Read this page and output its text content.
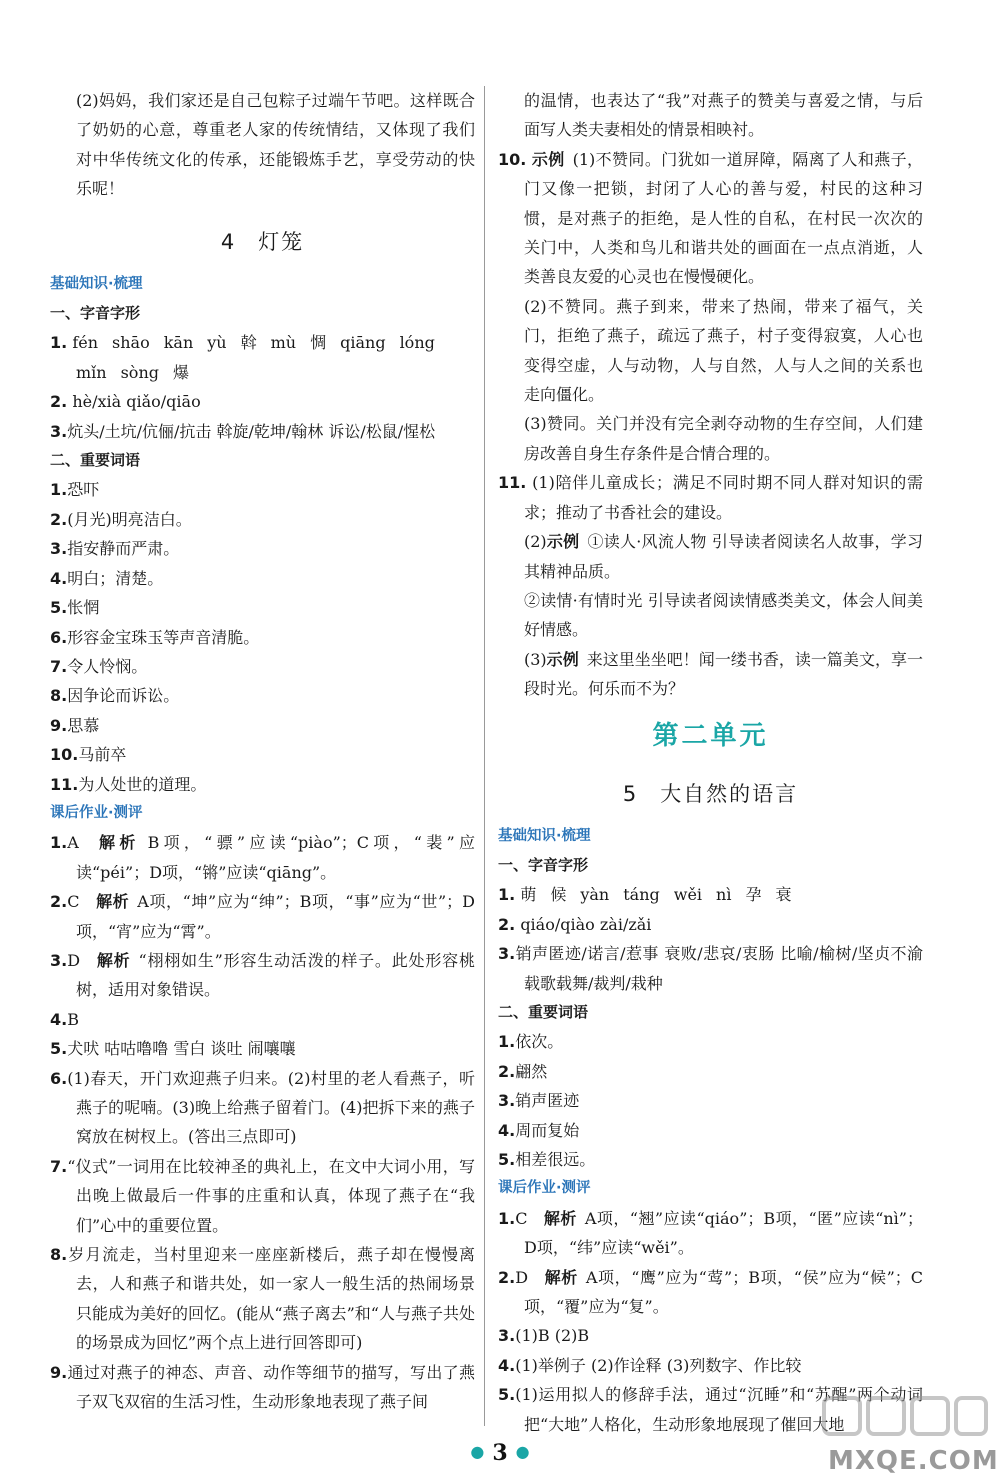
(2)妈妈，我们家还是自己包粽子过端午节吧。这样既合了奶奶的心意，尊重老人家的传统情结，又体现了我们对中华传统文化的传承，还能锻炼手艺，享受劳动的快乐呢！

4 灯笼

基础知识·梳理

一、字音字形

1. fén shāo kān yù 斡 mù 惆 qiāng lóng

mǐn sòng 爆

2. hè/xià qiǎo/qiāo

3.炕头/土坑/伉俪/抗击 斡旋/乾坤/翰林 诉讼/松鼠/惺松

二、重要词语

1.恐吓

2.(月光)明亮洁白。

3.指安静而严肃。

4.明白；清楚。

5.怅惘

6.形容金宝珠玉等声音清脆。

7.令人怜悯。

8.因争论而诉讼。

9.思慕

10.马前卒

11.为人处世的道理。

课后作业·测评

1.A 解析 B项，“骠”应读“piào”；C项，“裴”应读“péi”；D项，“锵”应读“qiāng”。

2.C 解析 A项，“坤”应为“绅”；B项，“事”应为“世”；D项，“宵”应为“霄”。

3.D 解析 “栩栩如生”形容生动活泼的样子。此处形容桃树，适用对象错误。

4.B

5.犬吠 咕咕噜噜 雪白 谈吐 闹嚷嚷

6.(1)春天，开门欢迎燕子归来。(2)村里的老人看燕子，听燕子的呢喃。(3)晚上给燕子留着门。(4)把拆下来的燕子窝放在树杈上。(答出三点即可)

7.“仪式”一词用在比较神圣的典礼上，在文中大词小用，写出晚上做最后一件事的庄重和认真，体现了燕子在“我们”心中的重要位置。

8.岁月流走，当村里迎来一座座新楼后，燕子却在慢慢离去，人和燕子和谐共处，如一家人一般生活的热闹场景只能成为美好的回忆。(能从“燕子离去”和“人与燕子共处的场景成为回忆”两个点上进行回答即可)

9.通过对燕子的神态、声音、动作等细节的描写，写出了燕子双飞双宿的生活习性，生动形象地表现了燕子间

的温情，也表达了“我”对燕子的赞美与喜爱之情，与后面写人类夫妻相处的情景相映衬。

10. 示例 (1)不赞同。门犹如一道屏障，隔离了人和燕子，门又像一把锁，封闭了人心的善与爱，村民的这种习惯，是对燕子的拒绝，是人性的自私，在村民一次次的关门中，人类和鸟儿和谐共处的画面在一点点消逝，人类善良友爱的心灵也在慢慢硬化。

(2)不赞同。燕子到来，带来了热闹，带来了福气，关门，拒绝了燕子，疏远了燕子，村子变得寂寞，人心也变得空虚，人与动物，人与自然，人与人之间的关系也走向僵化。

(3)赞同。关门并没有完全剥夺动物的生存空间，人们建房改善自身生存条件是合情合理的。

11. (1)陪伴儿童成长；满足不同时期不同人群对知识的需求；推动了书香社会的建设。

(2)示例 ①读人·风流人物 引导读者阅读名人故事，学习其精神品质。

②读情·有情时光 引导读者阅读情感类美文，体会人间美好情感。

(3)示例 来这里坐坐吧！闻一缕书香，读一篇美文，享一段时光。何乐而不为？

第二单元

5 大自然的语言

基础知识·梳理

一、字音字形

1. 萌 候 yàn táng wěi nì 孕 衰

2. qiáo/qiào zài/zǎi

3.销声匿迹/诺言/惹事 衰败/悲哀/衷肠 比喻/榆树/坚贞不渝 载歌载舞/裁判/栽种

二、重要词语

1.依次。

2.翩然

3.销声匿迹

4.周而复始

5.相差很远。

课后作业·测评

1.C 解析 A项，“翘”应读“qiáo”；B项，“匿”应读“nì”；D项，“纬”应读“wěi”。

2.D 解析 A项，“鹰”应为“莺”；B项，“侯”应为“候”；C项，“覆”应为“复”。

3.(1)B (2)B

4.(1)举例子 (2)作诠释 (3)列数字、作比较

5.(1)运用拟人的修辞手法，通过“沉睡”和“苏醒”两个动词把“大地”人格化，生动形象地展现了催回大地

● 3 ●	MXQE.COM
